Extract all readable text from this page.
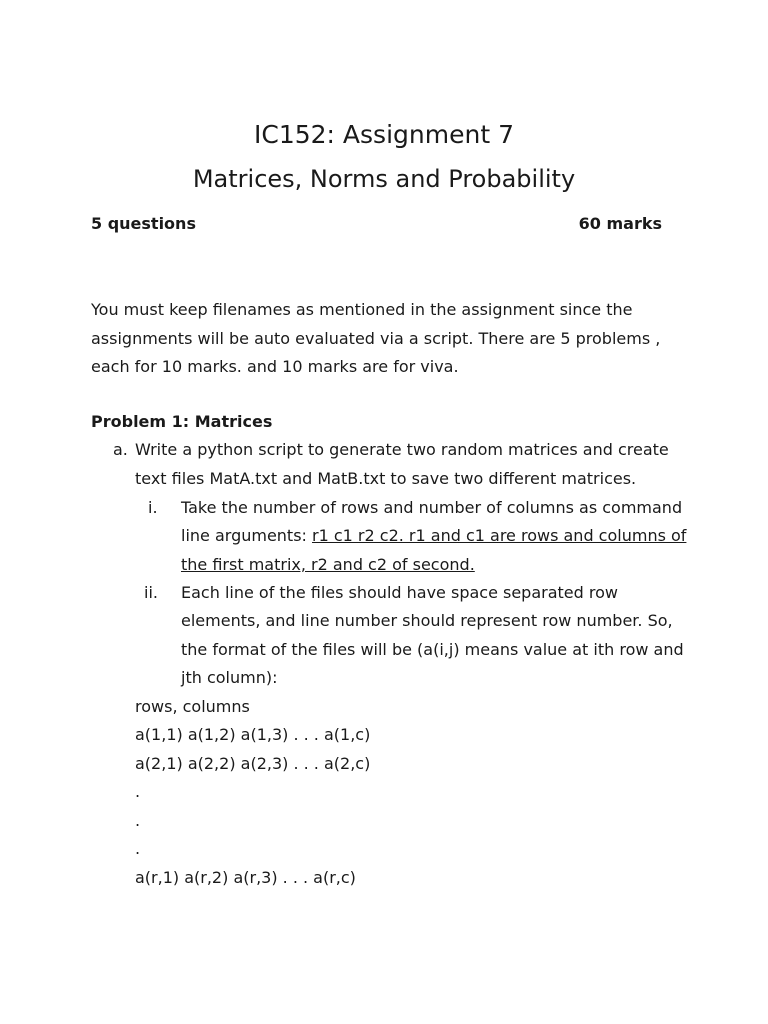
IC152: Assignment 7
Matrices, Norms and Probability
5 questions	60 marks
You must keep filenames as mentioned in the assignment since the
assignments will be auto evaluated via a script. There are 5 problems ,
each for 10 marks. and 10 marks are for viva.
Problem 1: Matrices
a. Write a python script to generate two random matrices and create
text files MatA.txt and MatB.txt to save two different matrices.
i. Take the number of rows and number of columns as command
line arguments: r1 c1 r2 c2. r1 and c1 are rows and columns of
the first matrix, r2 and c2 of second.
ii. Each line of the files should have space separated row
elements, and line number should represent row number. So,
the format of the files will be (a(i,j) means value at ith row and
jth column):
rows, columns
a(1,1) a(1,2) a(1,3) . . . a(1,c)
a(2,1) a(2,2) a(2,3) . . . a(2,c)
.
.
.
a(r,1) a(r,2) a(r,3) . . . a(r,c)
